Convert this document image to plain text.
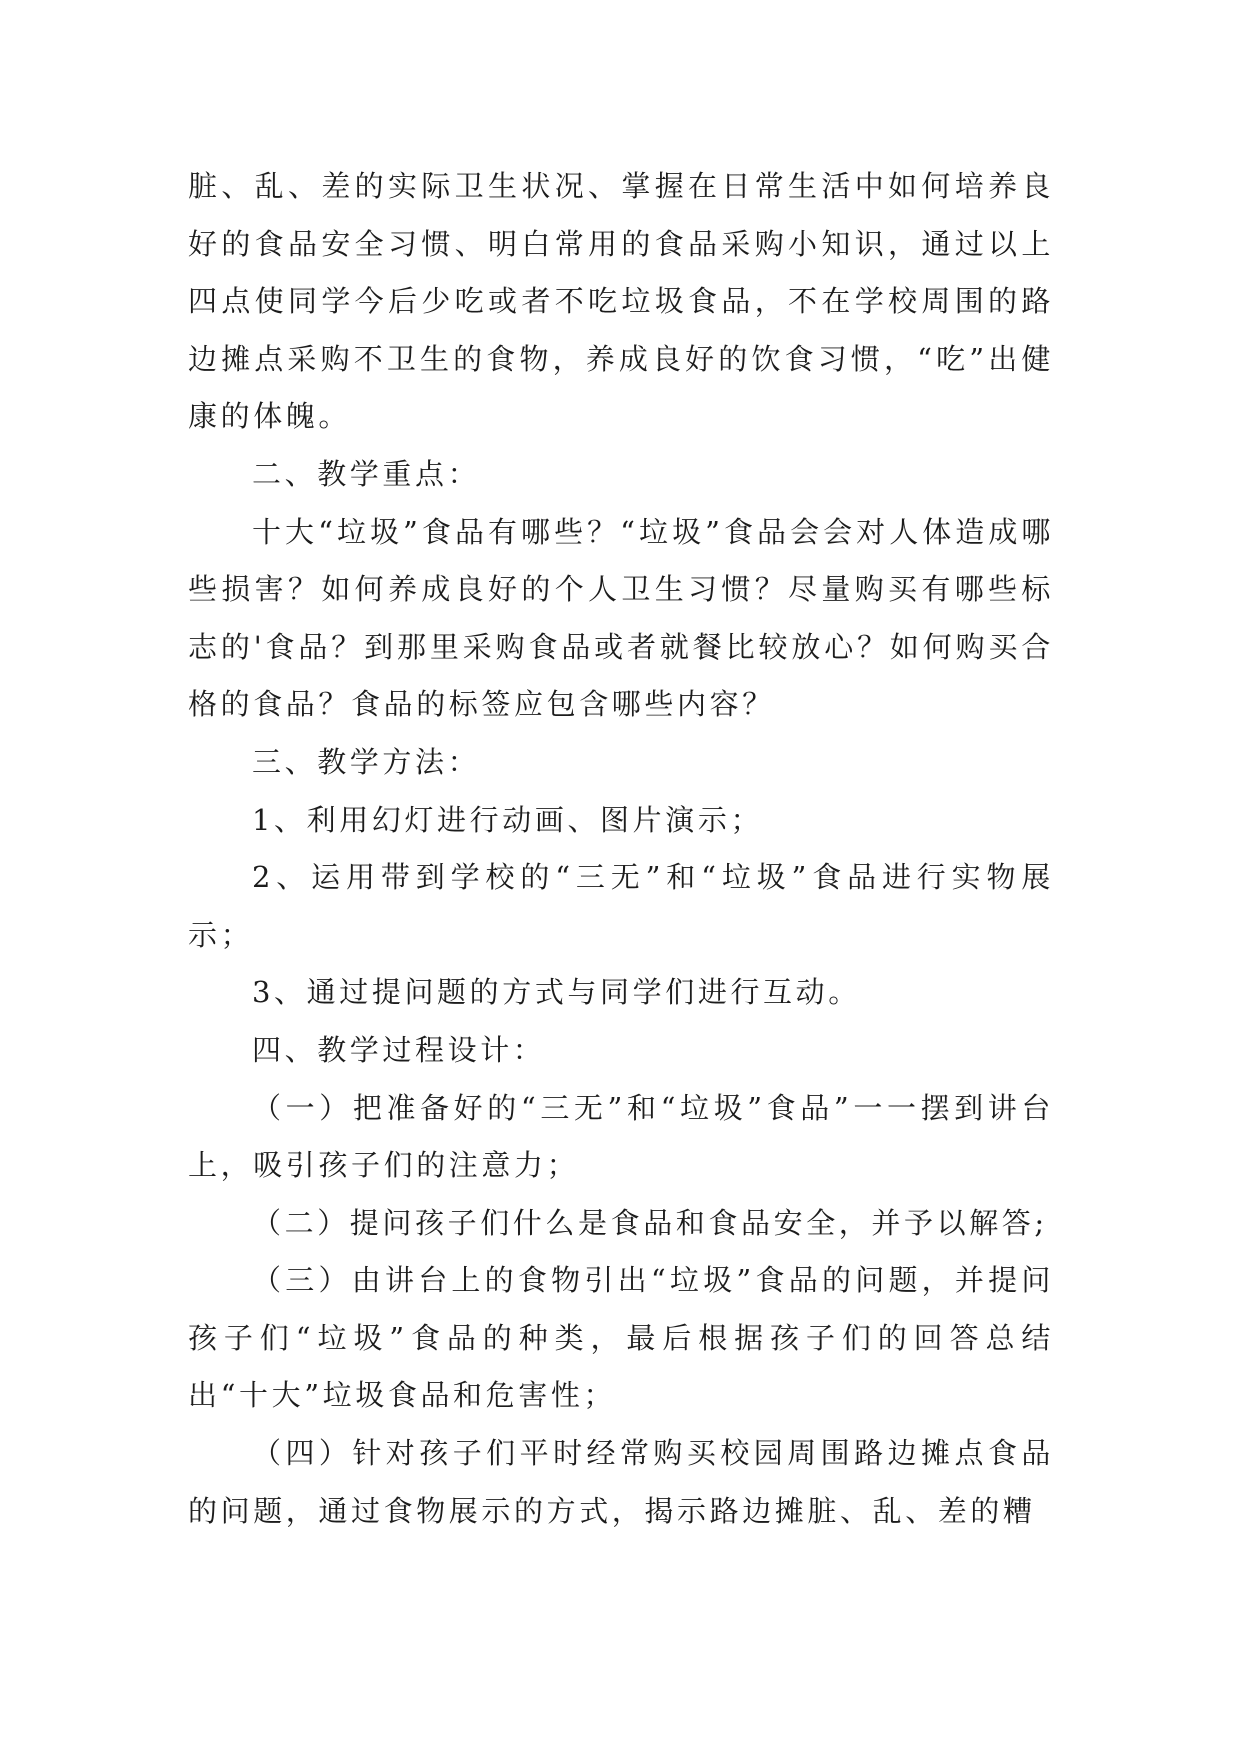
脏、乱、差的实际卫生状况、掌握在日常生活中如何培养良好的食品安全习惯、明白常用的食品采购小知识，通过以上四点使同学今后少吃或者不吃垃圾食品，不在学校周围的路边摊点采购不卫生的食物，养成良好的饮食习惯，“吃”出健康的体魄。

二、教学重点：

十大“垃圾”食品有哪些？“垃圾”食品会会对人体造成哪些损害？如何养成良好的个人卫生习惯？尽量购买有哪些标志的'食品？到那里采购食品或者就餐比较放心？如何购买合格的食品？食品的标签应包含哪些内容？

三、教学方法：

1、利用幻灯进行动画、图片演示；

2、运用带到学校的“三无”和“垃圾”食品进行实物展示；

3、通过提问题的方式与同学们进行互动。

四、教学过程设计：

（一）把准备好的“三无”和“垃圾”食品”一一摆到讲台上，吸引孩子们的注意力；

（二）提问孩子们什么是食品和食品安全，并予以解答;

（三）由讲台上的食物引出“垃圾”食品的问题，并提问孩子们“垃圾”食品的种类，最后根据孩子们的回答总结出“十大”垃圾食品和危害性；

（四）针对孩子们平时经常购买校园周围路边摊点食品的问题，通过食物展示的方式，揭示路边摊脏、乱、差的糟
